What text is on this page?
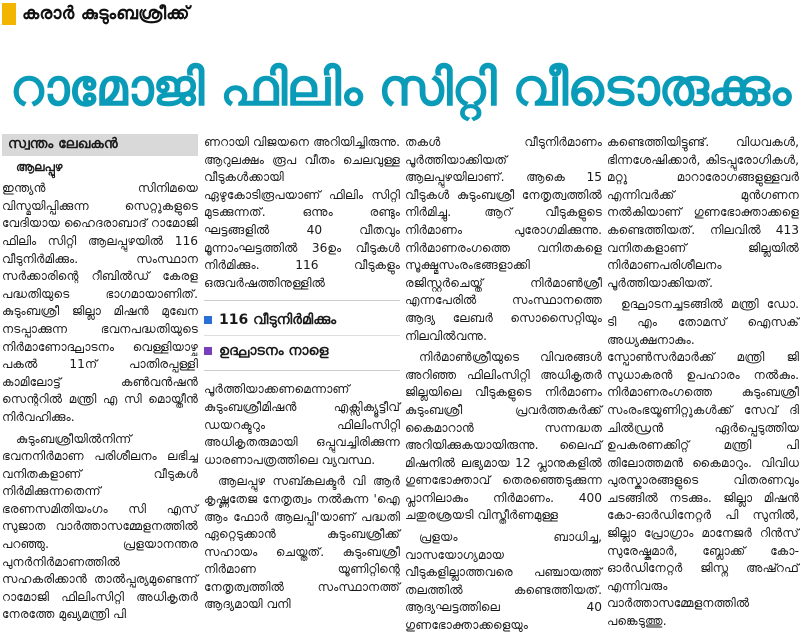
കരാർ കുടുംബശ്രീക്ക്
റാമോജി ഫിലിം സിറ്റി വീടൊരുക്കും
സ്വന്തം ലേഖകൻ

ആലപ്പുഴ

ഇന്ത്യൻ സിനിമയെ വിസ്മയിപ്പിക്കുന്ന സെറ്റുകളുടെ വേദിയായ ഹൈദരാബാദ് റാമോജി ഫിലിം സിറ്റി ആലപ്പുഴയിൽ 116 വീടുനിർമിക്കും. സംസ്ഥാന സർക്കാരിന്റെ റീബിൽഡ് കേരള പദ്ധതിയുടെ ഭാഗമായാണിത്. കുടുംബശ്രീ ജില്ലാ മിഷൻ മുഖേന നടപ്പാക്കുന്ന ഭവനപദ്ധതിയുടെ നിർമാണോദ്ഘാടനം വെള്ളിയാഴ്ച പകൽ 11ന് പാതിരപ്പള്ളി കാമിലോട്ട് കൺവൻഷൻ സെന്ററിൽ മന്ത്രി എ സി മൊയ്തീൻ നിർവഹിക്കും.

കുടുംബശ്രീയിൽനിന്ന് ഭവനനിർമാണ പരിശീലനം ലഭിച്ച വനിതകളാണ് വീടുകൾ നിർമിക്കുന്നതെന്ന് ഭരണസമിതിയംഗം സി എസ് സുജാത വാർത്താസമ്മേളനത്തിൽ പറഞ്ഞു. പ്രളയാനന്തര പുനർനിർമാണത്തിൽ സഹകരിക്കാൻ താൽപ്പര്യമുണ്ടെന്ന് റാമോജി ഫിലിംസിറ്റി അധികൃതർ നേരത്തേ മുഖ്യമന്ത്രി പി

ണറായി വിജയനെ അറിയിച്ചിരുന്നു. ആറുലക്ഷം രൂപ വീതം ചെലവുള്ള വീടുകൾക്കായി ഏഴുകോടിരൂപയാണ് ഫിലിം സിറ്റി മുടക്കുന്നത്. ഒന്നും രണ്ടും ഘട്ടങ്ങളിൽ 40 വീതവും മൂന്നാംഘട്ടത്തിൽ 36ഉം വീടുകൾ നിർമിക്കും. 116 വീടുകളും ഒരുവർഷത്തിനുള്ളിൽ

116 വീടുനിർമിക്കും
ഉദ്ഘാടനം നാളെ

പൂർത്തിയാക്കണമെന്നാണ് കുടുംബശ്രീമിഷൻ എക്സിക്യൂട്ടീവ് ഡയറക്ടറും ഫിലിംസിറ്റി അധികൃതരുമായി ഒപ്പുവച്ചിരിക്കുന്ന ധാരണാപത്രത്തിലെ വ്യവസ്ഥ.

ആലപ്പുഴ സബ്കലക്ടർ വി ആർ കൃഷ്ണതേജ നേതൃത്വം നൽകുന്ന 'ഐ ആം ഫോർ ആലപ്പി'യാണ് പദ്ധതി ഏറ്റെടുക്കാൻ കുടുംബശ്രീക്ക് സഹായം ചെയ്തത്. കുടുംബശ്രീ നിർമാണ യൂണിറ്റിന്റെ നേതൃത്വത്തിൽ സംസ്ഥാനത്ത് ആദ്യമായി വനി

തകൾ വീടുനിർമാണം പൂർത്തിയാക്കിയത് ആലപ്പുഴയിലാണ്. ആകെ 15 വീടുകൾ കുടുംബശ്രീ നേതൃത്വത്തിൽ നിർമിച്ചു. ആറ് വീടുകളുടെ നിർമാണം പുരോഗമിക്കുന്നു. നിർമാണരംഗത്തെ വനിതകളെ സൂക്ഷ്മസംരംഭങ്ങളാക്കി രജിസ്റ്റർചെയ്ത് നിർമാൺശ്രീ എന്നപേരിൽ സംസ്ഥാനത്തെ ആദ്യ ലേബർ സൊസൈറ്റിയും നിലവിൽവന്നു.

നിർമാൺശ്രീയുടെ വിവരങ്ങൾ അറിഞ്ഞ ഫിലിംസിറ്റി അധികൃതർ ജില്ലയിലെ വീടുകളുടെ നിർമാണം കുടുംബശ്രീ പ്രവർത്തകർക്ക് കൈമാറാൻ സന്നദ്ധത അറിയിക്കുകയായിരുന്നു. ലൈഫ് മിഷനിൽ ലഭ്യമായ 12 പ്ലാനുകളിൽ ഗുണഭോക്താവ് തെരഞ്ഞെടുക്കുന്ന പ്ലാനിലാകും നിർമാണം. 400 ചതുരശ്രയടി വിസ്തീർണമുള്ള

പ്രളയം ബാധിച്ച, വാസയോഗ്യമായ വീടുകളില്ലാത്തവരെ പഞ്ചായത്ത് തലത്തിൽ കണ്ടെത്തിയത്. ആദ്യഘട്ടത്തിലെ 40 ഗുണഭോക്താക്കളെയും

കണ്ടെത്തിയിട്ടുണ്ട്. വിധവകൾ, ഭിന്നശേഷിക്കാർ, കിടപ്പുരോഗികൾ, മറ്റു മാറാരോഗങ്ങളുള്ളവർ എന്നിവർക്ക് മുൻഗണന നൽകിയാണ് ഗുണഭോക്താക്കളെ കണ്ടെത്തിയത്. നിലവിൽ 413 വനിതകളാണ് ജില്ലയിൽ നിർമാണപരിശീലനം പൂർത്തിയാക്കിയത്.

ഉദ്ഘാടനച്ചടങ്ങിൽ മന്ത്രി ഡോ. ടി എം തോമസ് ഐസക് അധ്യക്ഷനാകും. സ്പോൺസർമാർക്ക് മന്ത്രി ജി സുധാകരൻ ഉപഹാരം നൽകും. നിർമാണരംഗത്തെ കുടുംബശ്രീ സംരംഭയൂണിറ്റുകൾക്ക് സേവ് ദി ചിൽഡ്രൻ ഏർപ്പെടുത്തിയ ഉപകരണക്കിറ്റ് മന്ത്രി പി തിലോത്തമൻ കൈമാറും. വിവിധ പുരസ്കാരങ്ങളുടെ വിതരണവും ചടങ്ങിൽ നടക്കും. ജില്ലാ മിഷൻ കോ-ഓർഡിനേറ്റർ പി സുനിൽ, ജില്ലാ പ്രോഗ്രാം മാനേജർ റിൻസ് സുരേഷ്കുമാർ, ബ്ലോക്ക് കോ-ഓർഡിനേറ്റർ ജിസ്ന അഷ്റഫ് എന്നിവരും വാർത്താസമ്മേളനത്തിൽ പങ്കെടുത്തു.
